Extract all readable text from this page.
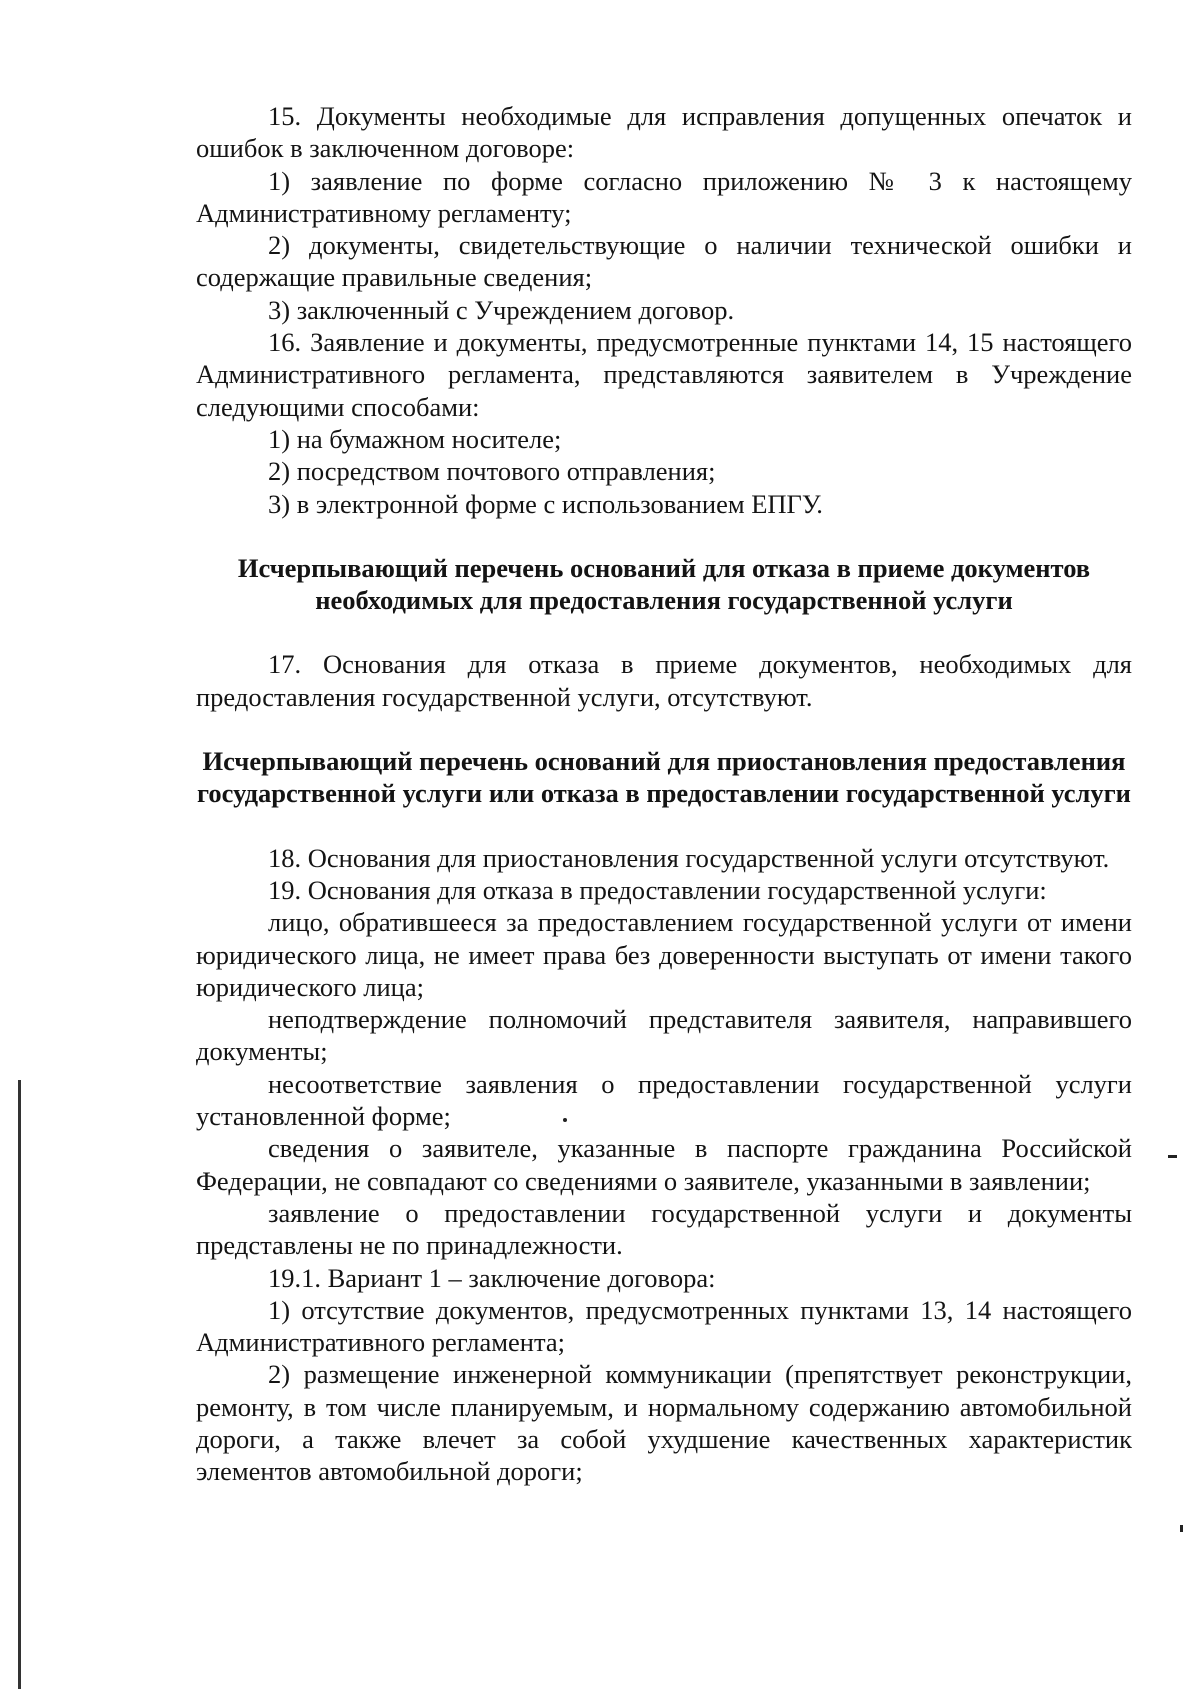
15. Документы необходимые для исправления допущенных опечаток и ошибок в заключенном договоре:

1) заявление по форме согласно приложению № 3 к настоящему Административному регламенту;

2) документы, свидетельствующие о наличии технической ошибки и содержащие правильные сведения;

3) заключенный с Учреждением договор.

16. Заявление и документы, предусмотренные пунктами 14, 15 настоящего Административного регламента, представляются заявителем в Учреждение следующими способами:

1) на бумажном носителе;

2) посредством почтового отправления;

3) в электронной форме с использованием ЕПГУ.

Исчерпывающий перечень оснований для отказа в приеме документов необходимых для предоставления государственной услуги

17. Основания для отказа в приеме документов, необходимых для предоставления государственной услуги, отсутствуют.

Исчерпывающий перечень оснований для приостановления предоставления государственной услуги или отказа в предоставлении государственной услуги

18. Основания для приостановления государственной услуги отсутствуют.

19. Основания для отказа в предоставлении государственной услуги:

лицо, обратившееся за предоставлением государственной услуги от имени юридического лица, не имеет права без доверенности выступать от имени такого юридического лица;

неподтверждение полномочий представителя заявителя, направившего документы;

несоответствие заявления о предоставлении государственной услуги установленной форме;

сведения о заявителе, указанные в паспорте гражданина Российской Федерации, не совпадают со сведениями о заявителе, указанными в заявлении;

заявление о предоставлении государственной услуги и документы представлены не по принадлежности.

19.1. Вариант 1 – заключение договора:

1) отсутствие документов, предусмотренных пунктами 13, 14 настоящего Административного регламента;

2) размещение инженерной коммуникации (препятствует реконструкции, ремонту, в том числе планируемым, и нормальному содержанию автомобильной дороги, а также влечет за собой ухудшение качественных характеристик элементов автомобильной дороги;
